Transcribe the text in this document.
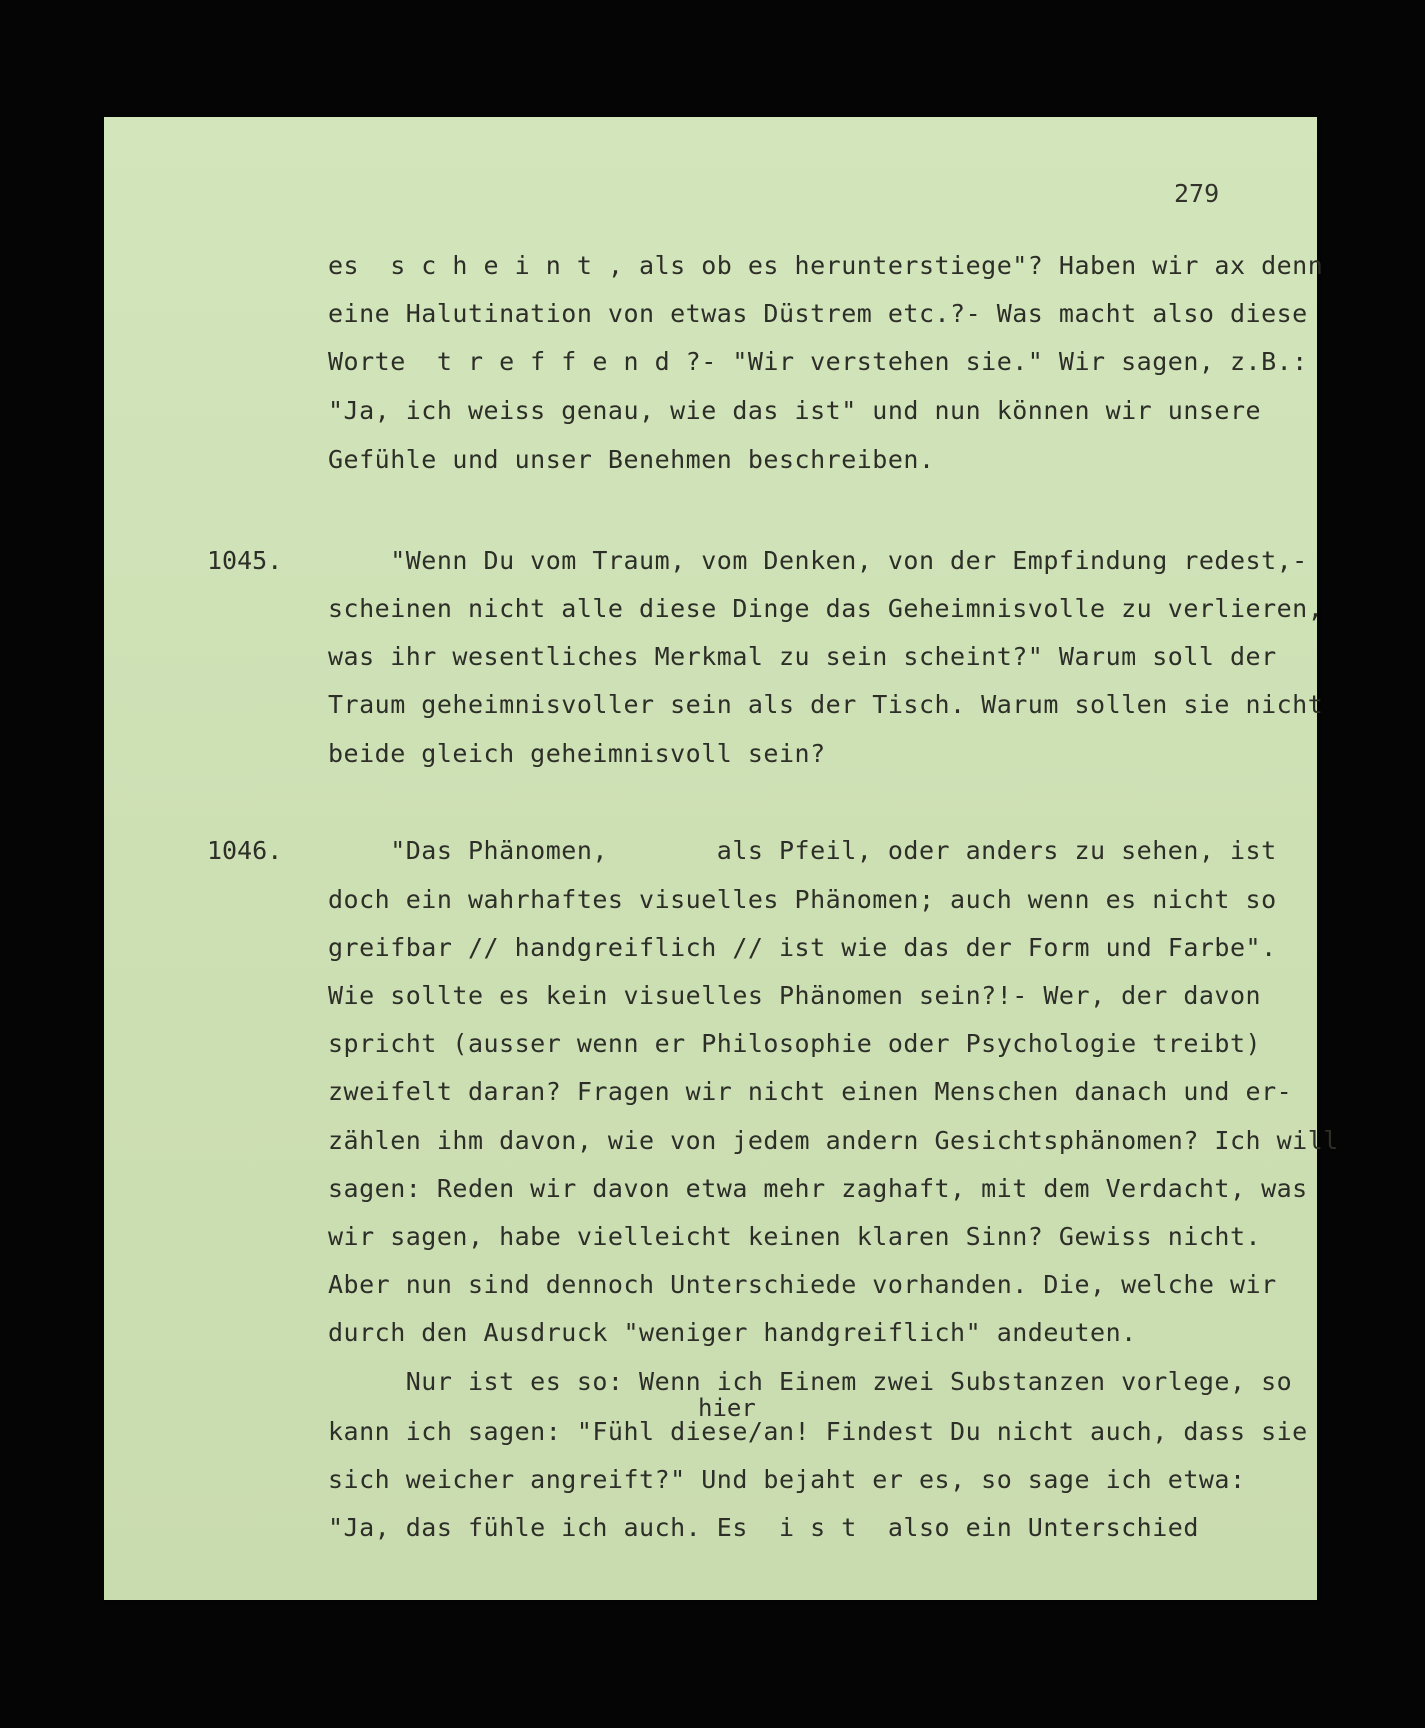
279
es  s c h e i n t , als ob es herunterstiege"? Haben wir ax denn
eine Halutination von etwas Düstrem etc.?- Was macht also diese
Worte  t r e f f e n d ?- "Wir verstehen sie." Wir sagen, z.B.:
"Ja, ich weiss genau, wie das ist" und nun können wir unsere
Gefühle und unser Benehmen beschreiben.
1045. "Wenn Du vom Traum, vom Denken, von der Empfindung redest,-
scheinen nicht alle diese Dinge das Geheimnisvolle zu verlieren,
was ihr wesentliches Merkmal zu sein scheint?" Warum soll der
Traum geheimnisvoller sein als der Tisch. Warum sollen sie nicht
beide gleich geheimnisvoll sein?
1046. "Das Phänomen,       als Pfeil, oder anders zu sehen, ist
doch ein wahrhaftes visuelles Phänomen; auch wenn es nicht so
greifbar // handgreiflich // ist wie das der Form und Farbe".
Wie sollte es kein visuelles Phänomen sein?!- Wer, der davon
spricht (ausser wenn er Philosophie oder Psychologie treibt)
zweifelt daran? Fragen wir nicht einen Menschen danach und er-
zählen ihm davon, wie von jedem andern Gesichtsphänomen? Ich will
sagen: Reden wir davon etwa mehr zaghaft, mit dem Verdacht, was
wir sagen, habe vielleicht keinen klaren Sinn? Gewiss nicht.
Aber nun sind dennoch Unterschiede vorhanden. Die, welche wir
durch den Ausdruck "weniger handgreiflich" andeuten.
Nur ist es so: Wenn ich Einem zwei Substanzen vorlege, so
hier
kann ich sagen: "Fühl diese/an! Findest Du nicht auch, dass sie
sich weicher angreift?" Und bejaht er es, so sage ich etwa:
"Ja, das fühle ich auch. Es  i s t  also ein Unterschied
